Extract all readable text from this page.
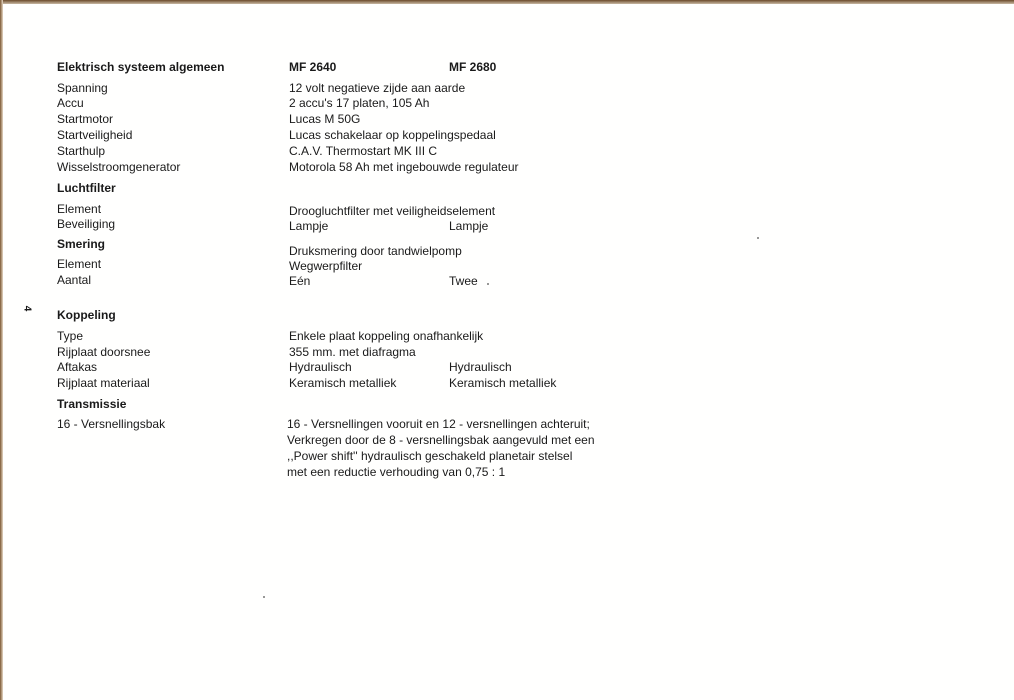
4
Elektrisch systeem algemeen	MF 2640	MF 2680
Spanning	12 volt negatieve zijde aan aarde
Accu	2 accu's 17 platen, 105 Ah
Startmotor	Lucas M 50G
Startveiligheid	Lucas schakelaar op koppelingspedaal
Starthulp	C.A.V. Thermostart MK III C
Wisselstroomgenerator	Motorola 58 Ah met ingebouwde regulateur
Luchtfilter
Element	Droogluchtfilter met veiligheidselement
Beveiliging	Lampje	Lampje
Smering	Druksmering door tandwielpomp
Element	Wegwerpfilter
Aantal	Eén	Twee
Koppeling
Type	Enkele plaat koppeling onafhankelijk
Rijplaat doorsnee	355 mm. met diafragma
Aftakas	Hydraulisch	Hydraulisch
Rijplaat materiaal	Keramisch metalliek	Keramisch metalliek
Transmissie
16 - Versnellingsbak	16 - Versnellingen vooruit en 12 - versnellingen achteruit;
Verkregen door de 8 - versnellingsbak aangevuld met een
,,Power shift'' hydraulisch geschakeld planetair stelsel
met een reductie verhouding van 0,75 : 1
